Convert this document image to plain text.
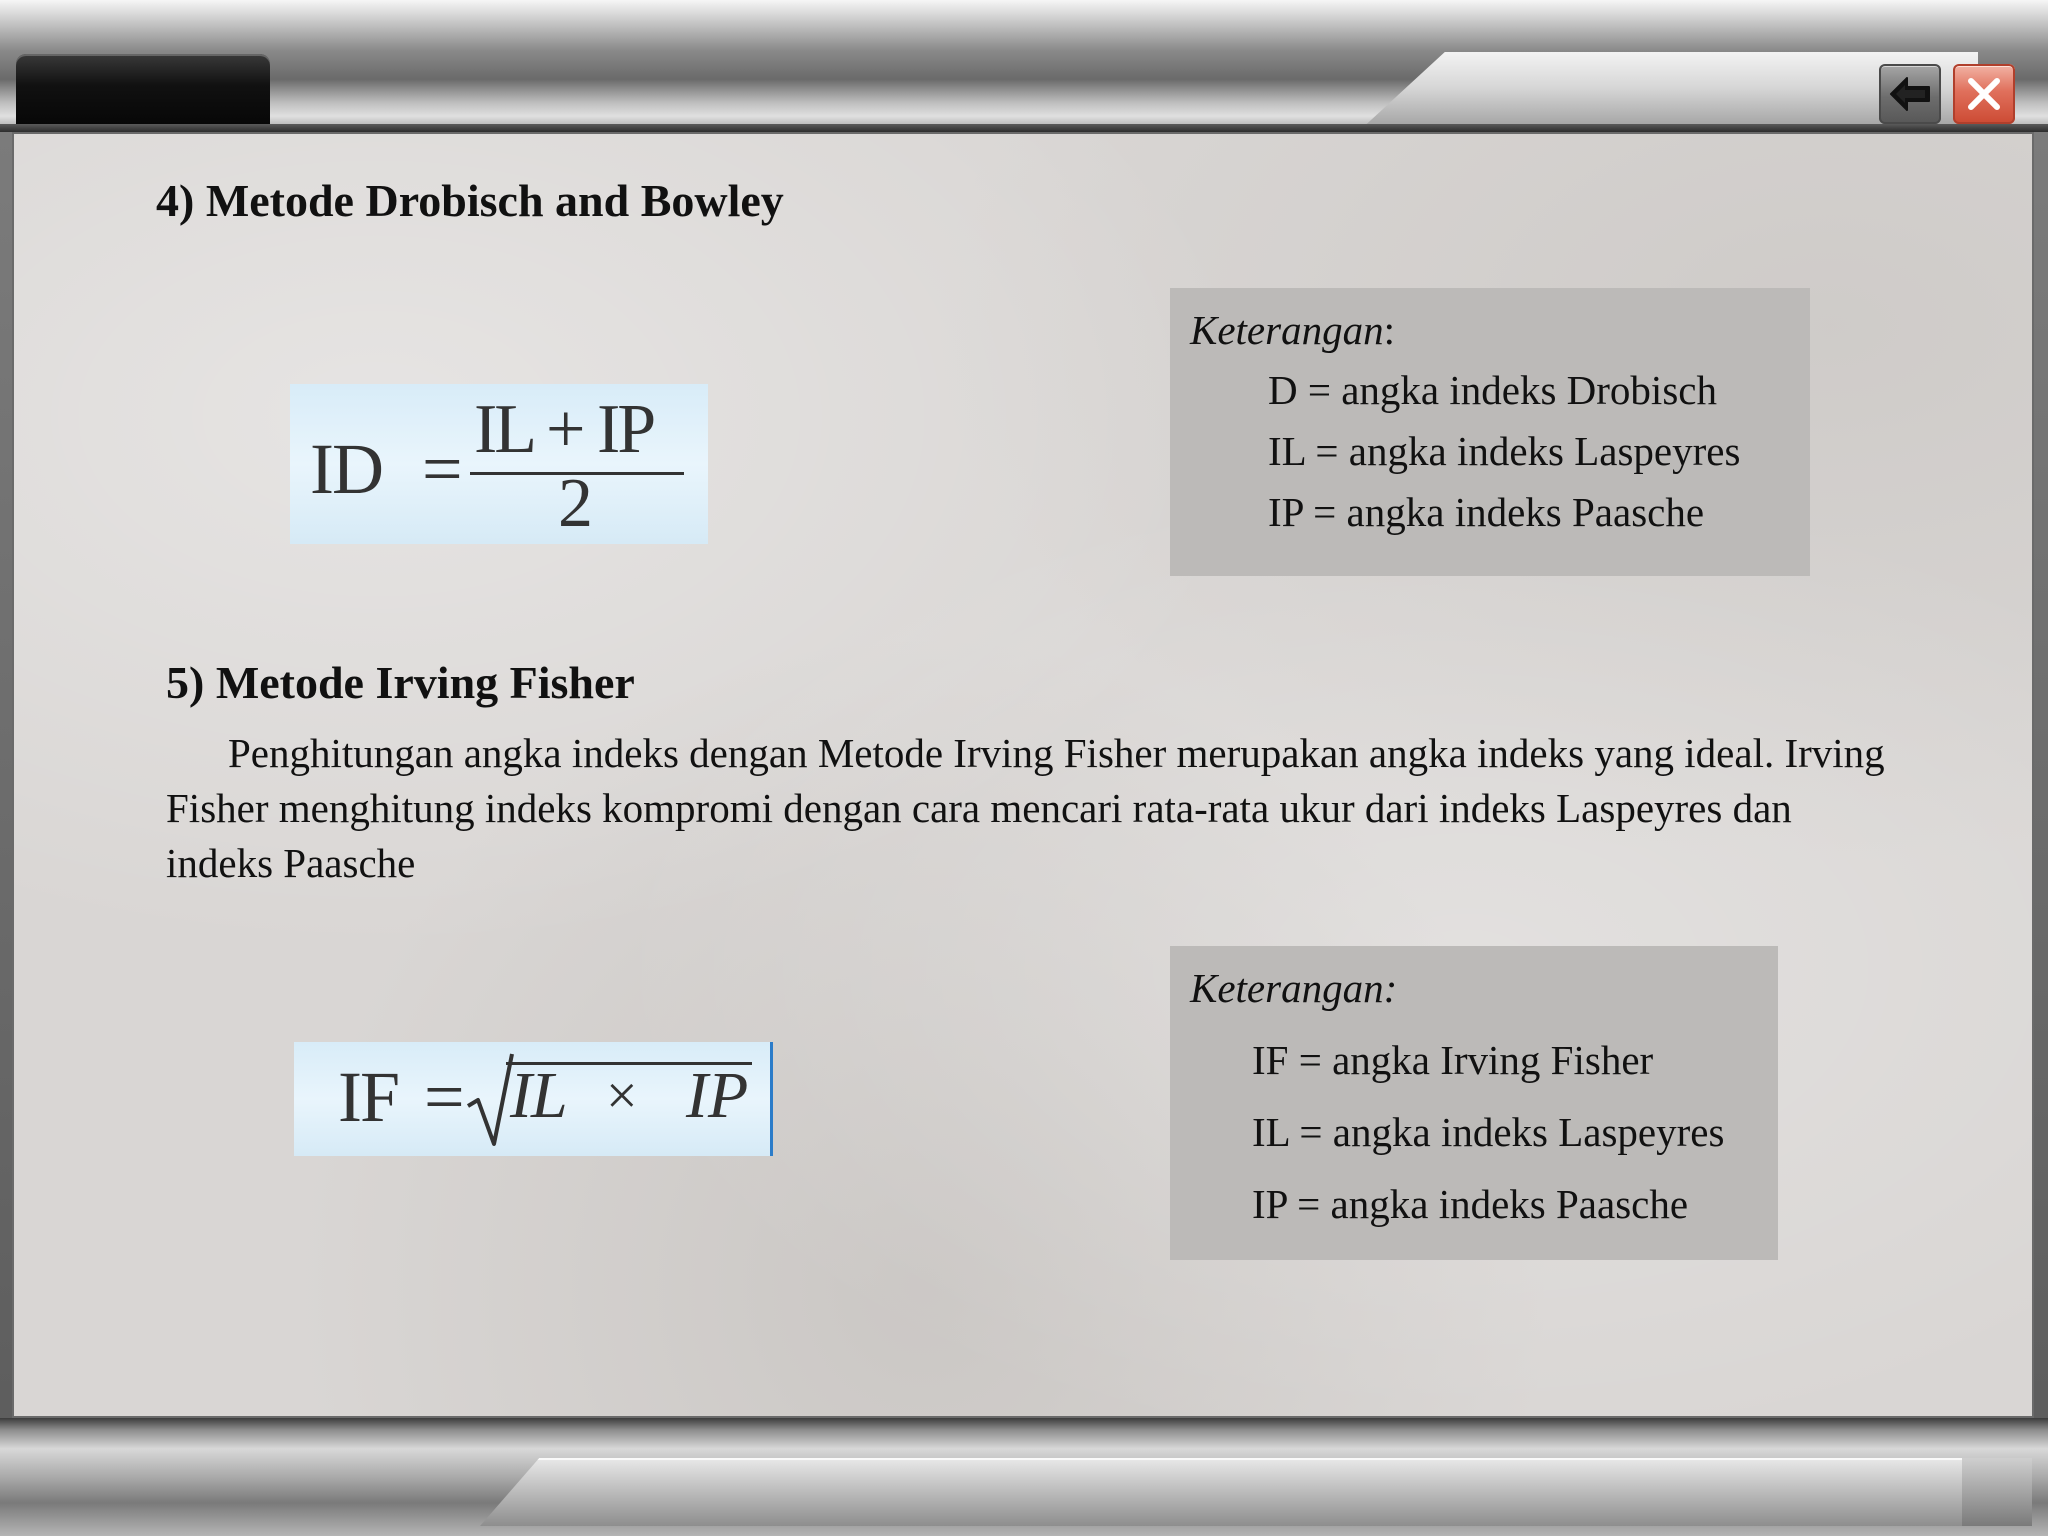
4) Metode Drobisch and Bowley
ID = IL + IP
2
Keterangan:
D = angka indeks Drobisch
IL = angka indeks Laspeyres
IP = angka indeks Paasche
5) Metode Irving Fisher

Penghitungan angka indeks dengan Metode Irving Fisher merupakan angka indeks yang ideal. Irving Fisher menghitung indeks kompromi dengan cara mencari rata-rata ukur dari indeks Laspeyres dan indeks Paasche

IF = IL × IP
Keterangan:
IF = angka Irving Fisher
IL = angka indeks Laspeyres
IP = angka indeks Paasche
